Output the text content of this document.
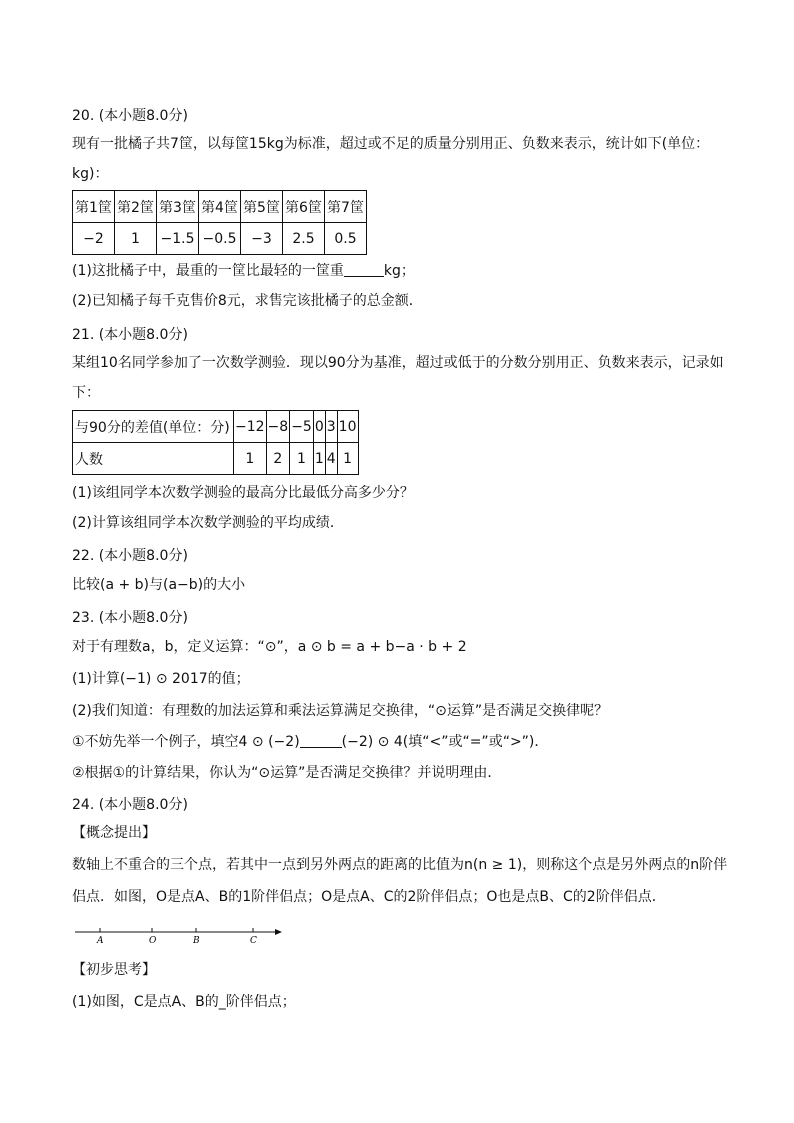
20. (本小题8.0分)

现有一批橘子共7筐，以每筐15kg为标准，超过或不足的质量分别用正、负数来表示，统计如下(单位：

kg)：

第1筐	第2筐	第3筐	第4筐	第5筐	第6筐	第7筐
−2	1	−1.5	−0.5	−3	2.5	0.5

(1)这批橘子中，最重的一筐比最轻的一筐重	kg；

(2)已知橘子每千克售价8元，求售完该批橘子的总金额．

21. (本小题8.0分)

某组10名同学参加了一次数学测验．现以90分为基准，超过或低于的分数分别用正、负数来表示，记录如

下：

与90分的差值(单位：分)	−12	−8	−5	0	3	10
人数	1	2	1	1	4	1

(1)该组同学本次数学测验的最高分比最低分高多少分？

(2)计算该组同学本次数学测验的平均成绩．

22. (本小题8.0分)

比较(a + b)与(a−b)的大小

23. (本小题8.0分)

对于有理数a，b，定义运算：“⊙”，a ⊙ b = a + b−a · b + 2

(1)计算(−1) ⊙ 2017的值；

(2)我们知道：有理数的加法运算和乘法运算满足交换律，“⊙运算”是否满足交换律呢？

①不妨先举一个例子，填空4 ⊙ (−2)	(−2) ⊙ 4(填“<”或“=”或“>”)．

②根据①的计算结果，你认为“⊙运算”是否满足交换律？并说明理由．

24. (本小题8.0分)

【概念提出】

数轴上不重合的三个点，若其中一点到另外两点的距离的比值为n(n ≥ 1)，则称这个点是另外两点的n阶伴

侣点．如图，O是点A、B的1阶伴侣点；O是点A、C的2阶伴侣点；O也是点B、C的2阶伴侣点．

A	O	B	C

【初步思考】

(1)如图，C是点A、B的_阶伴侣点；
